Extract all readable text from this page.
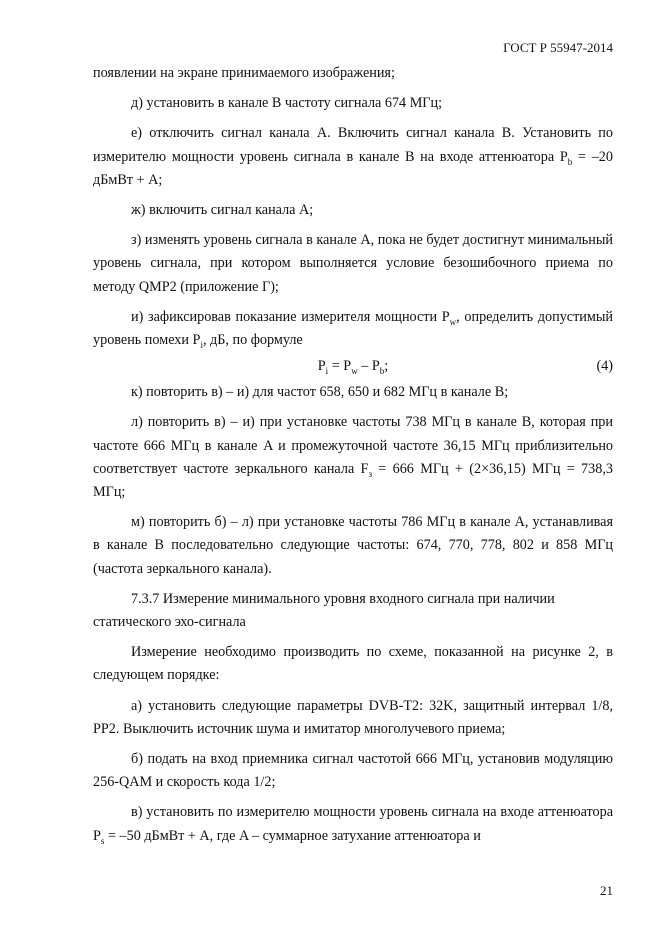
ГОСТ Р 55947-2014

появлении на экране принимаемого изображения;

д) установить в канале B частоту сигнала 674 МГц;

е) отключить сигнал канала A. Включить сигнал канала B. Установить по измерителю мощности уровень сигнала в канале B на входе аттенюатора $P_b = -20$ дБмВт + A;

ж) включить сигнал канала A;

з) изменять уровень сигнала в канале A, пока не будет достигнут минимальный уровень сигнала, при котором выполняется условие безошибочного приема по методу QMP2 (приложение Г);

и) зафиксировав показание измерителя мощности $P_w$, определить допустимый уровень помехи $P_i$, дБ, по формуле

$P_i = P_w - P_b$;	(4)

к) повторить в) – и) для частот 658, 650 и 682 МГц в канале B;

л) повторить в) – и) при установке частоты 738 МГц в канале B, которая при частоте 666 МГц в канале A и промежуточной частоте 36,15 МГц приблизительно соответствует частоте зеркального канала $F_з = 666$ МГц + (2×36,15) МГц = 738,3 МГц;

м) повторить б) – л) при установке частоты 786 МГц в канале A, устанавливая в канале B последовательно следующие частоты: 674, 770, 778, 802 и 858 МГц (частота зеркального канала).

7.3.7 Измерение минимального уровня входного сигнала при наличии статического эхо-сигнала

Измерение необходимо производить по схеме, показанной на рисунке 2, в следующем порядке:

а) установить следующие параметры DVB-T2: 32K, защитный интервал 1/8, PP2. Выключить источник шума и имитатор многолучевого приема;

б) подать на вход приемника сигнал частотой 666 МГц, установив модуляцию 256-QAM и скорость кода 1/2;

в) установить по измерителю мощности уровень сигнала на входе аттенюатора $P_s = -50$ дБмВт + A, где A – суммарное затухание аттенюатора и

21
